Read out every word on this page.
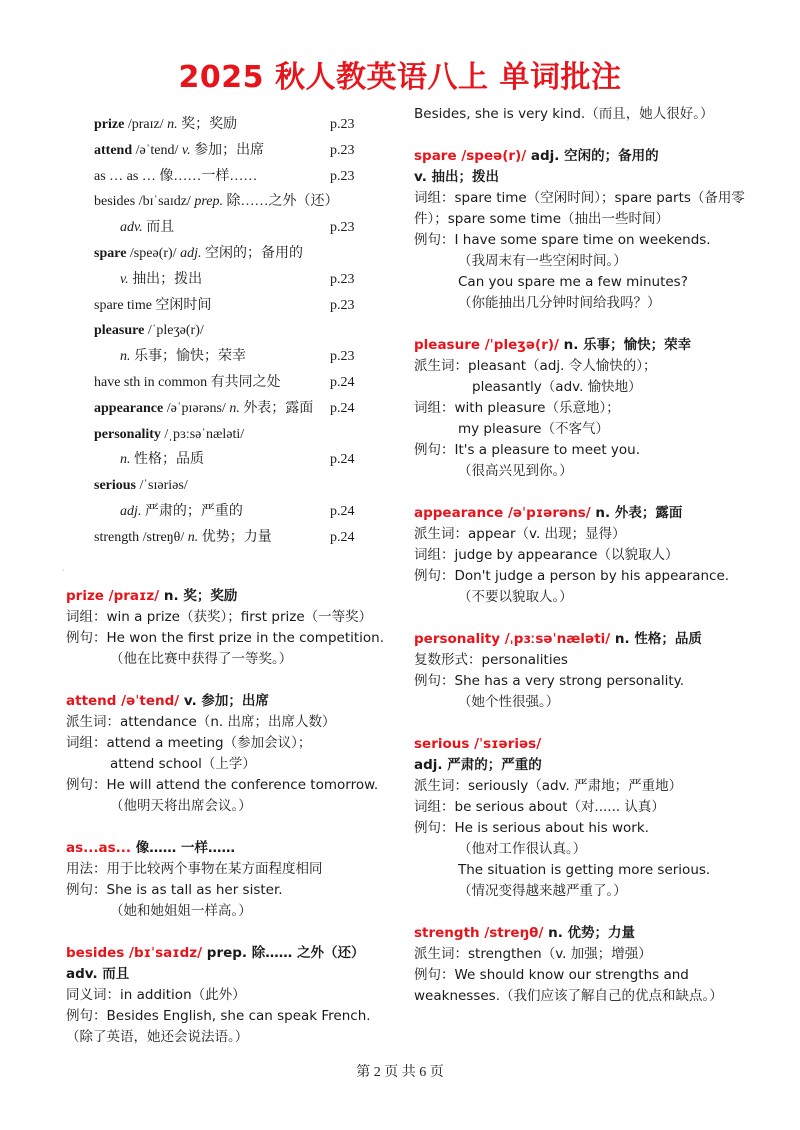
2025 秋人教英语八上 单词批注
prize /praɪz/ n. 奖；奖励	p.23
attend /əˈtend/ v. 参加；出席	p.23
as … as … 像……一样……	p.23
besides /bɪˈsaɪdz/ prep. 除……之外（还）
adv. 而且	p.23
spare /speə(r)/ adj. 空闲的；备用的
v. 抽出；拨出	p.23
spare time 空闲时间	p.23
pleasure /ˈpleʒə(r)/
n. 乐事；愉快；荣幸	p.23
have sth in common 有共同之处	p.24
appearance /əˈpɪərəns/ n. 外表；露面 p.24
personality /ˌpɜːsəˈnæləti/
n. 性格；品质	p.24
serious /ˈsɪəriəs/
adj. 严肃的；严重的	p.24
strength /streŋθ/ n. 优势；力量	p.24
·
prize /praɪz/ n. 奖；奖励
词组：win a prize（获奖）；first prize（一等奖）
例句：He won the first prize in the competition.
（他在比赛中获得了一等奖。）
attend /əˈtend/ v. 参加；出席
派生词：attendance（n. 出席；出席人数）
词组：attend a meeting（参加会议）；
attend school（上学）
例句：He will attend the conference tomorrow.
（他明天将出席会议。）
as...as... 像…… 一样……
用法：用于比较两个事物在某方面程度相同
例句：She is as tall as her sister.
（她和她姐姐一样高。）
besides /bɪˈsaɪdz/ prep. 除…… 之外（还）
adv. 而且
同义词：in addition（此外）
例句：Besides English, she can speak French.
（除了英语，她还会说法语。）
Besides, she is very kind.（而且，她人很好。）
spare /speə(r)/ adj. 空闲的；备用的
v. 抽出；拨出
词组：spare time（空闲时间）；spare parts（备用零件）；spare some time（抽出一些时间）
例句：I have some spare time on weekends.
（我周末有一些空闲时间。）
Can you spare me a few minutes?
（你能抽出几分钟时间给我吗？）
pleasure /ˈpleʒə(r)/ n. 乐事；愉快；荣幸
派生词：pleasant（adj. 令人愉快的）；
pleasantly（adv. 愉快地）
词组：with pleasure（乐意地）；
my pleasure（不客气）
例句：It's a pleasure to meet you.
（很高兴见到你。）
appearance /əˈpɪərəns/ n. 外表；露面
派生词：appear（v. 出现；显得）
词组：judge by appearance（以貌取人）
例句：Don't judge a person by his appearance.
（不要以貌取人。）
personality /ˌpɜːsəˈnæləti/ n. 性格；品质
复数形式：personalities
例句：She has a very strong personality.
（她个性很强。）
serious /ˈsɪəriəs/
adj. 严肃的；严重的
派生词：seriously（adv. 严肃地；严重地）
词组：be serious about（对...... 认真）
例句：He is serious about his work.
（他对工作很认真。）
The situation is getting more serious.
（情况变得越来越严重了。）
strength /streŋθ/ n. 优势；力量
派生词：strengthen（v. 加强；增强）
例句：We should know our strengths and weaknesses.（我们应该了解自己的优点和缺点。）
第 2 页 共 6 页
